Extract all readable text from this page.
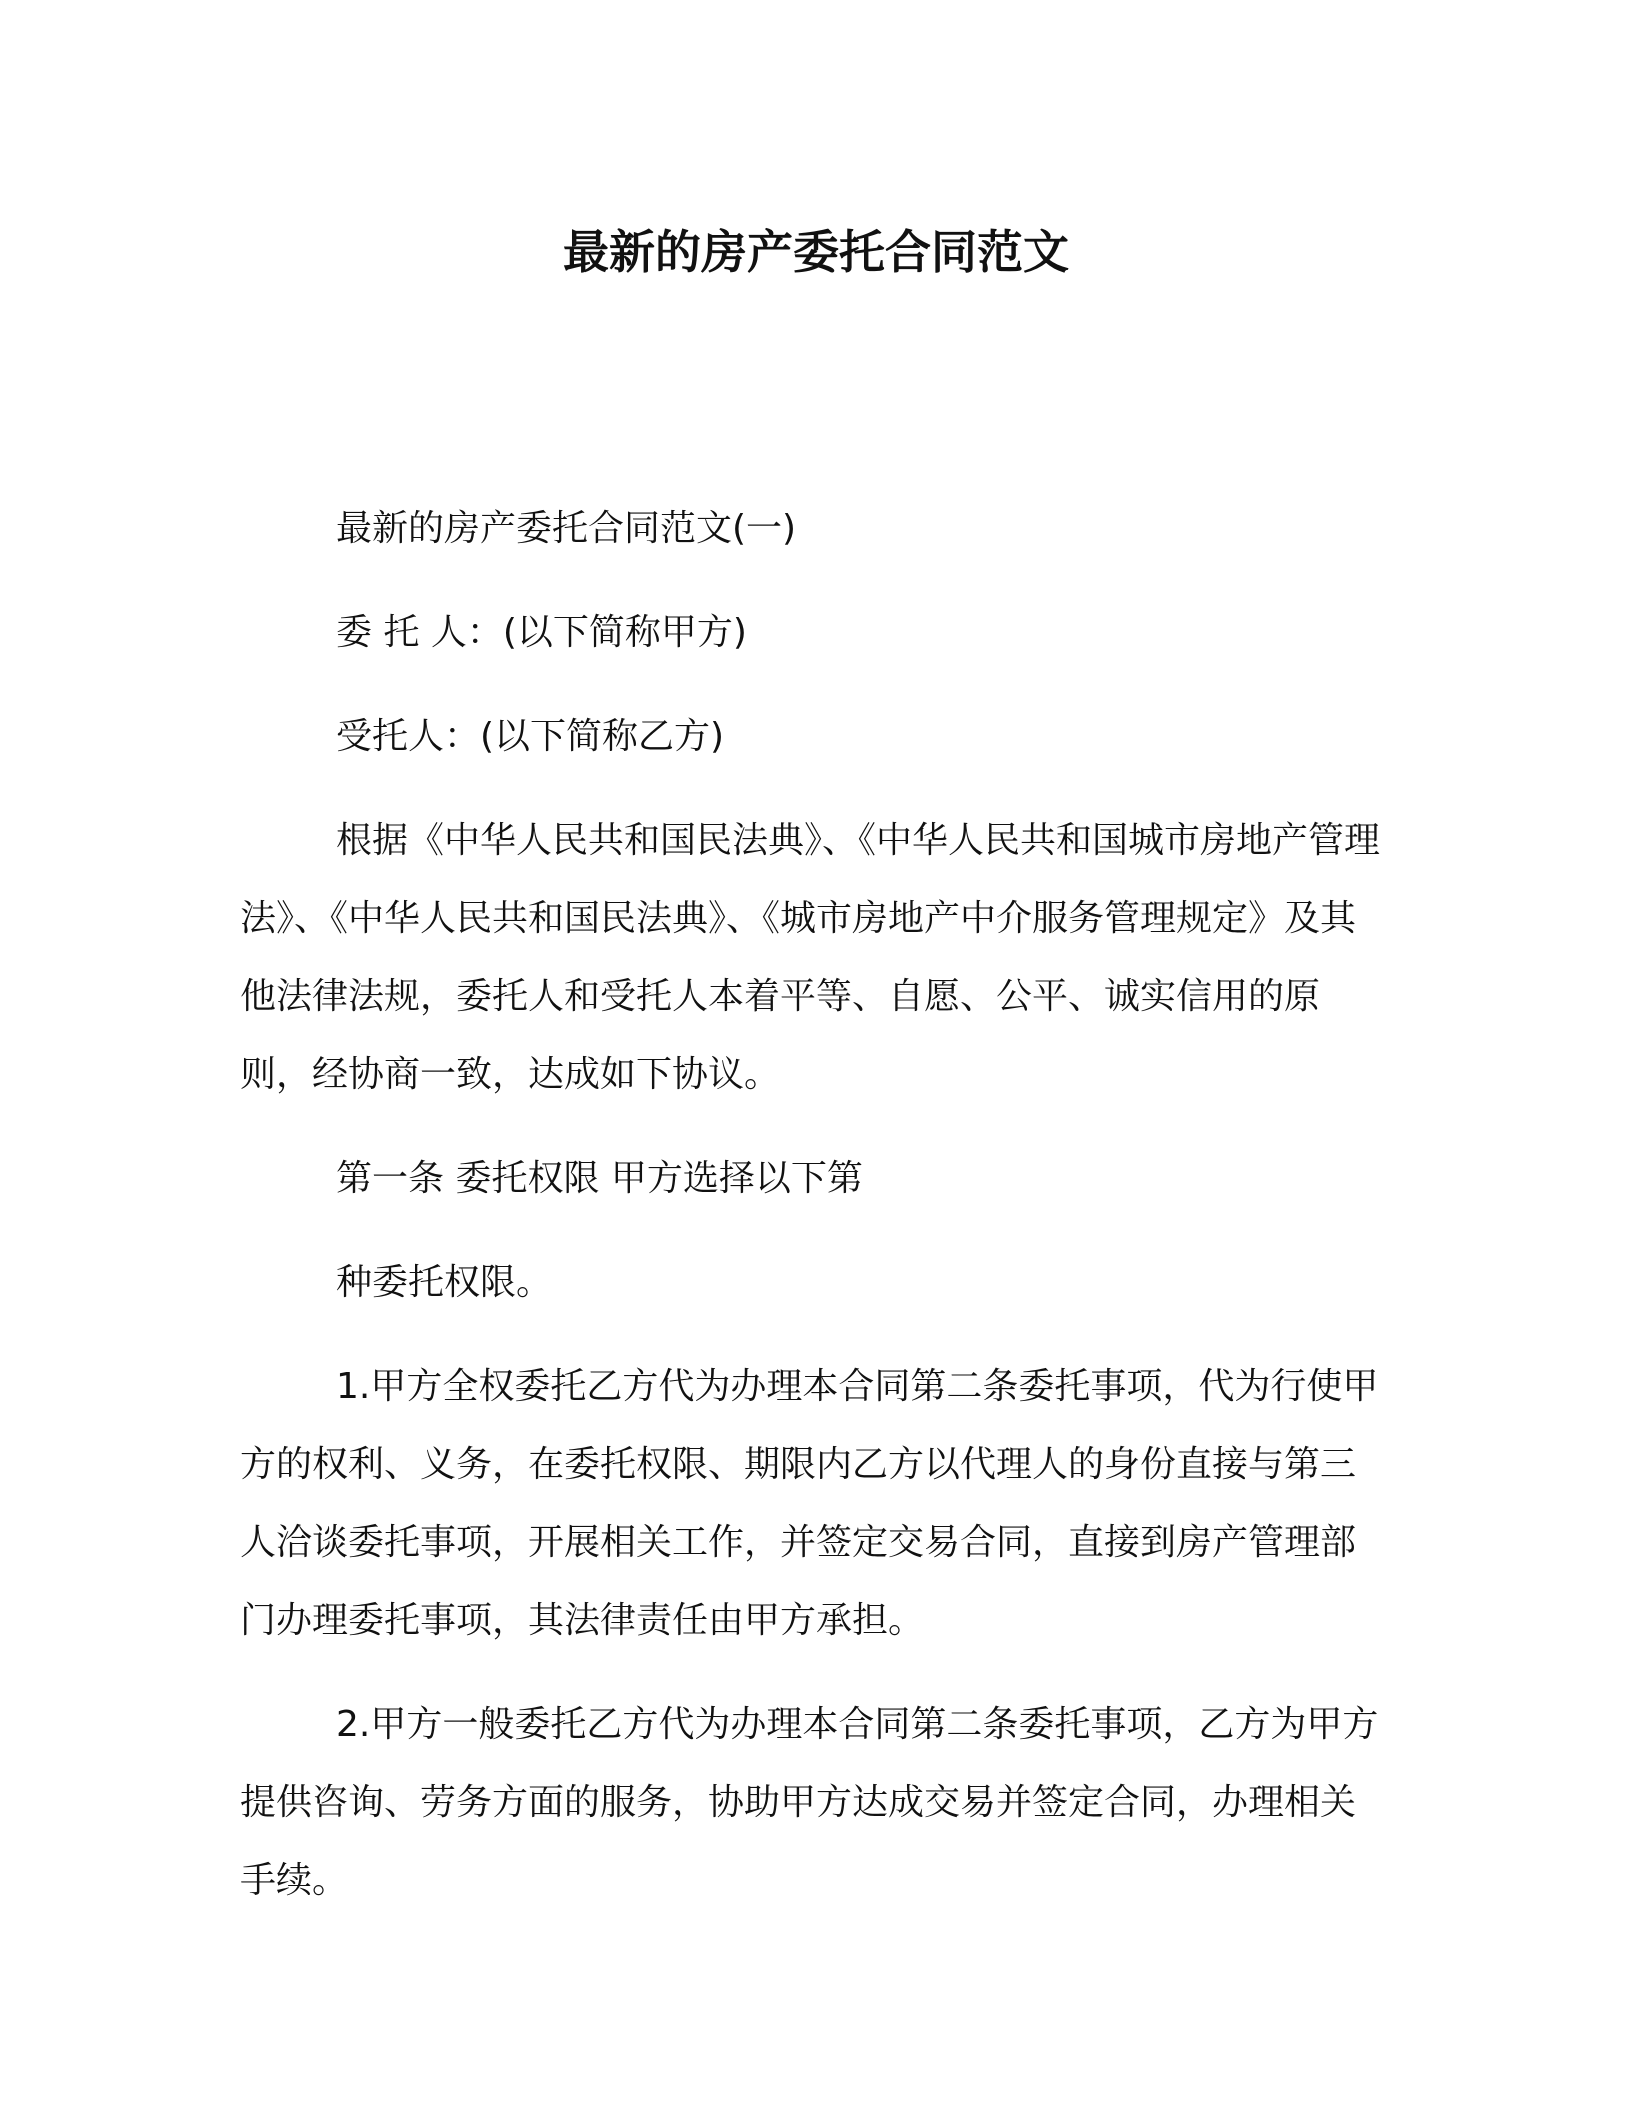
最新的房产委托合同范文

最新的房产委托合同范文(一)

委 托 人：(以下简称甲方)

受托人：(以下简称乙方)

根据《中华人民共和国民法典》、《中华人民共和国城市房地产管理法》、《中华人民共和国民法典》、《城市房地产中介服务管理规定》及其他法律法规，委托人和受托人本着平等、自愿、公平、诚实信用的原则，经协商一致，达成如下协议。

第一条 委托权限 甲方选择以下第

种委托权限。

1.甲方全权委托乙方代为办理本合同第二条委托事项，代为行使甲方的权利、义务，在委托权限、期限内乙方以代理人的身份直接与第三人洽谈委托事项，开展相关工作，并签定交易合同，直接到房产管理部门办理委托事项，其法律责任由甲方承担。

2.甲方一般委托乙方代为办理本合同第二条委托事项，乙方为甲方提供咨询、劳务方面的服务，协助甲方达成交易并签定合同，办理相关手续。
